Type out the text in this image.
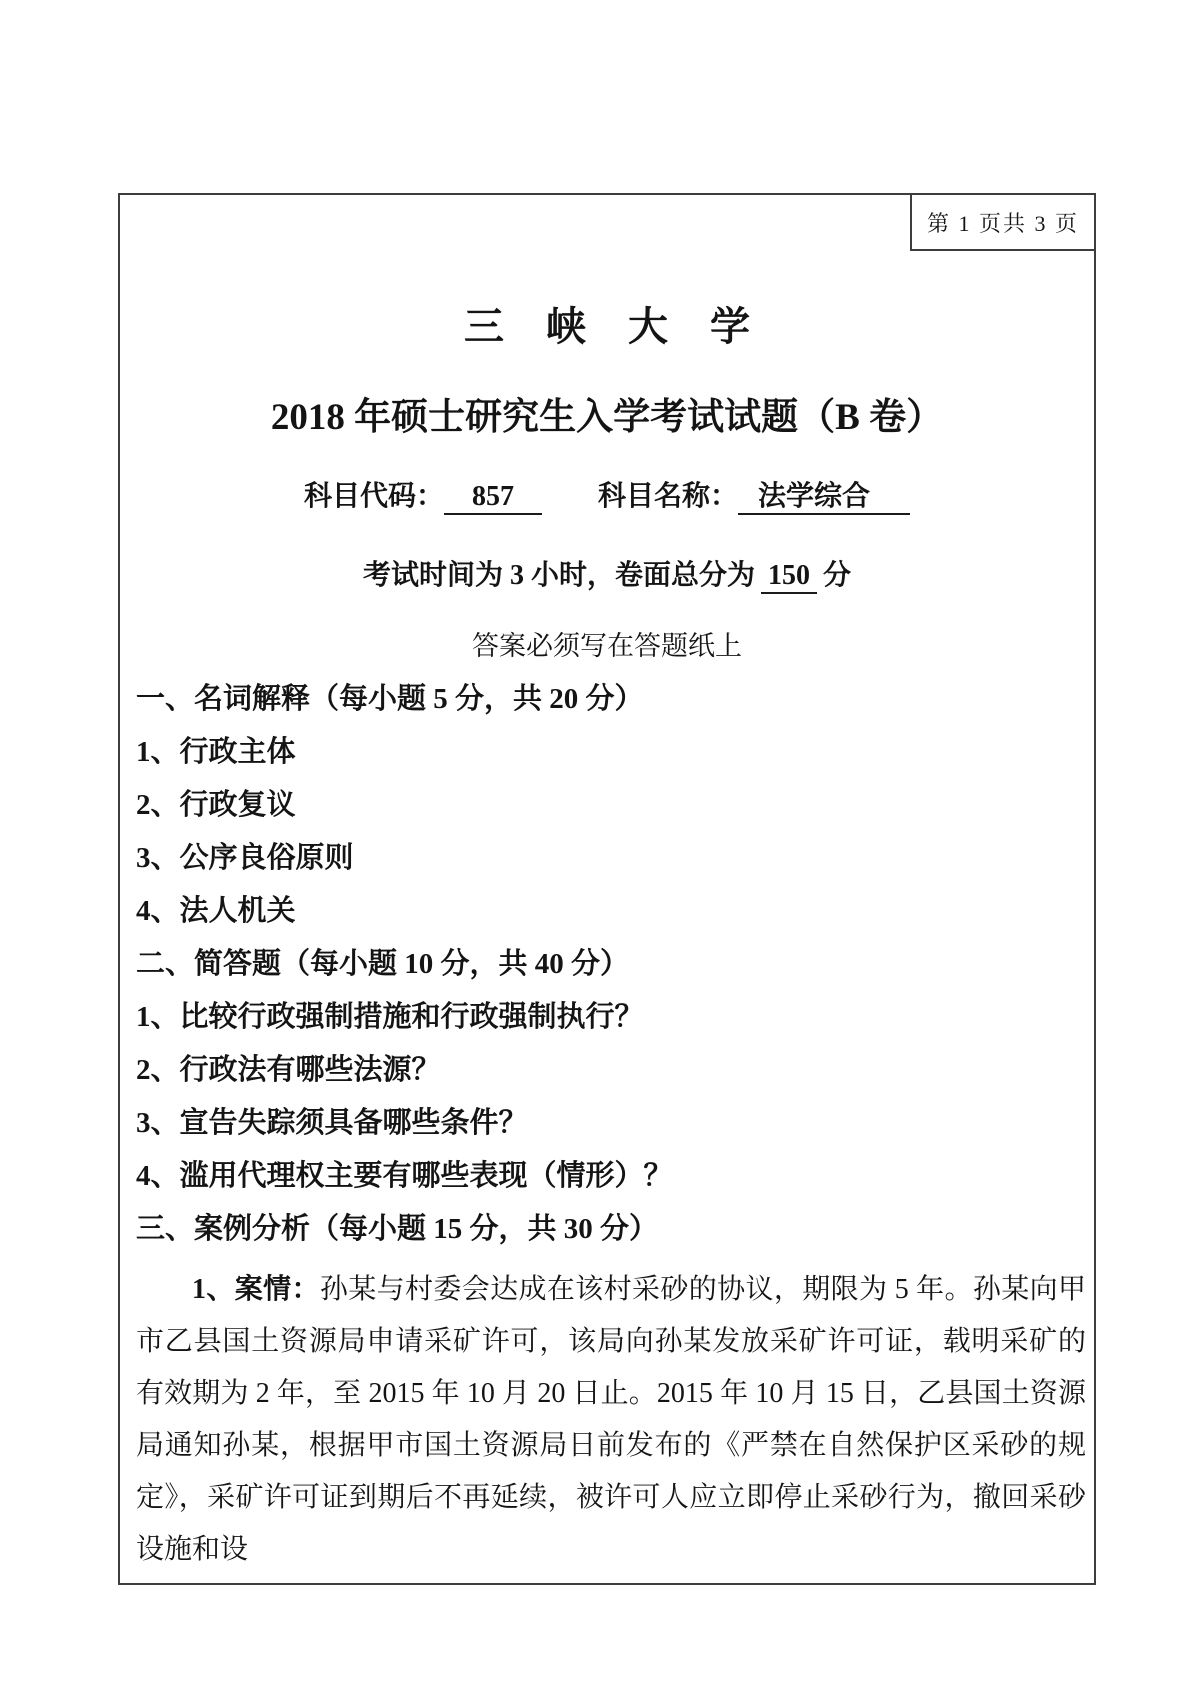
第 1 页共 3 页
三 峡 大 学
2018 年硕士研究生入学考试试题（B 卷）
科目代码： 857	科目名称： 法学综合
考试时间为 3 小时，卷面总分为 150 分
答案必须写在答题纸上
一、名词解释（每小题 5 分，共 20 分）
1、行政主体
2、行政复议
3、公序良俗原则
4、法人机关
二、简答题（每小题 10 分，共 40 分）
1、比较行政强制措施和行政强制执行？
2、行政法有哪些法源？
3、宣告失踪须具备哪些条件？
4、滥用代理权主要有哪些表现（情形）？
三、案例分析（每小题 15 分，共 30 分）

1、案情：孙某与村委会达成在该村采砂的协议，期限为 5 年。孙某向甲市乙县国土资源局申请采矿许可，该局向孙某发放采矿许可证，载明采矿的有效期为 2 年，至 2015 年 10 月 20 日止。2015 年 10 月 15 日，乙县国土资源局通知孙某，根据甲市国土资源局日前发布的《严禁在自然保护区采砂的规定》，采矿许可证到期后不再延续，被许可人应立即停止采砂行为，撤回采砂设施和设
